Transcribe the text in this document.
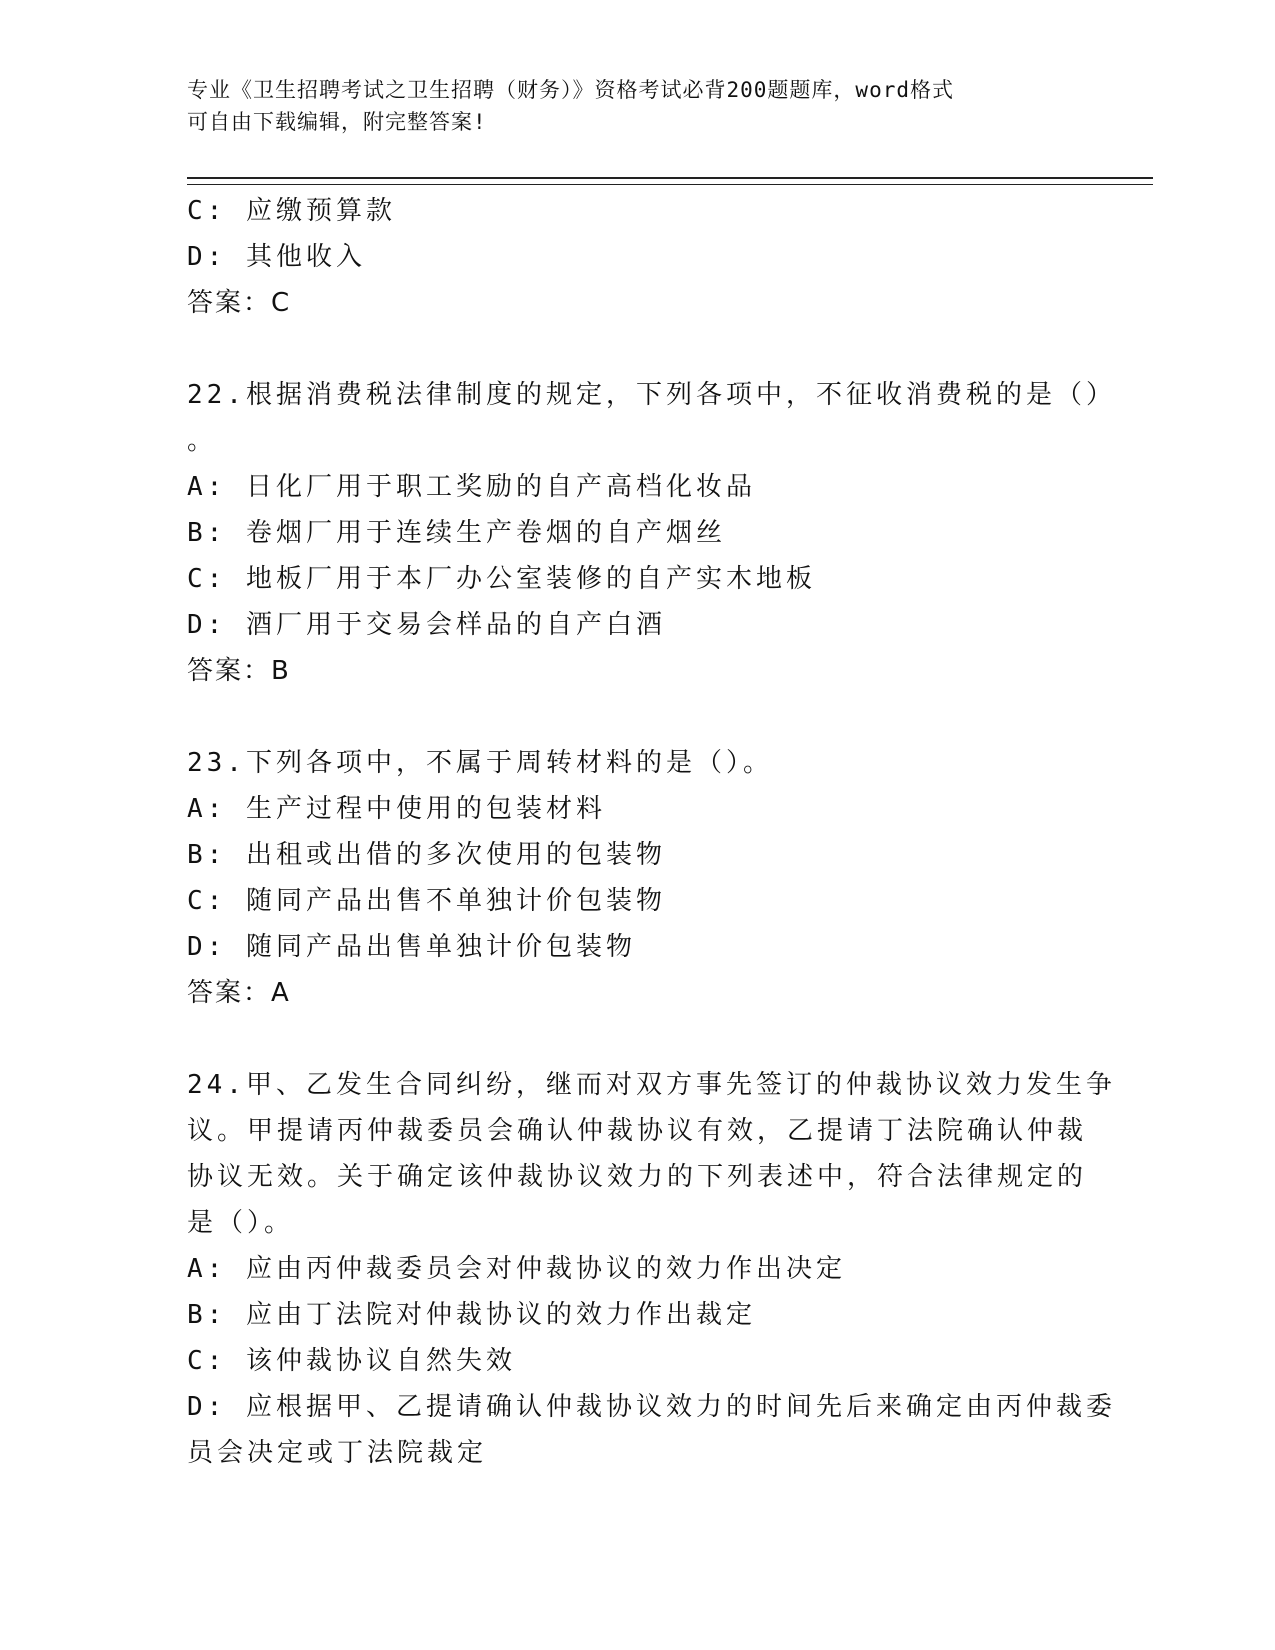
专业《卫生招聘考试之卫生招聘（财务）》资格考试必背200题题库，word格式
可自由下载编辑，附完整答案!
C: 应缴预算款
D: 其他收入
答案：C
22.根据消费税法律制度的规定，下列各项中，不征收消费税的是（）
。
A: 日化厂用于职工奖励的自产高档化妆品
B: 卷烟厂用于连续生产卷烟的自产烟丝
C: 地板厂用于本厂办公室装修的自产实木地板
D: 酒厂用于交易会样品的自产白酒
答案：B
23.下列各项中，不属于周转材料的是（）。
A: 生产过程中使用的包装材料
B: 出租或出借的多次使用的包装物
C: 随同产品出售不单独计价包装物
D: 随同产品出售单独计价包装物
答案：A
24.甲、乙发生合同纠纷，继而对双方事先签订的仲裁协议效力发生争
议。甲提请丙仲裁委员会确认仲裁协议有效，乙提请丁法院确认仲裁
协议无效。关于确定该仲裁协议效力的下列表述中，符合法律规定的
是（）。
A: 应由丙仲裁委员会对仲裁协议的效力作出决定
B: 应由丁法院对仲裁协议的效力作出裁定
C: 该仲裁协议自然失效
D: 应根据甲、乙提请确认仲裁协议效力的时间先后来确定由丙仲裁委
员会决定或丁法院裁定
